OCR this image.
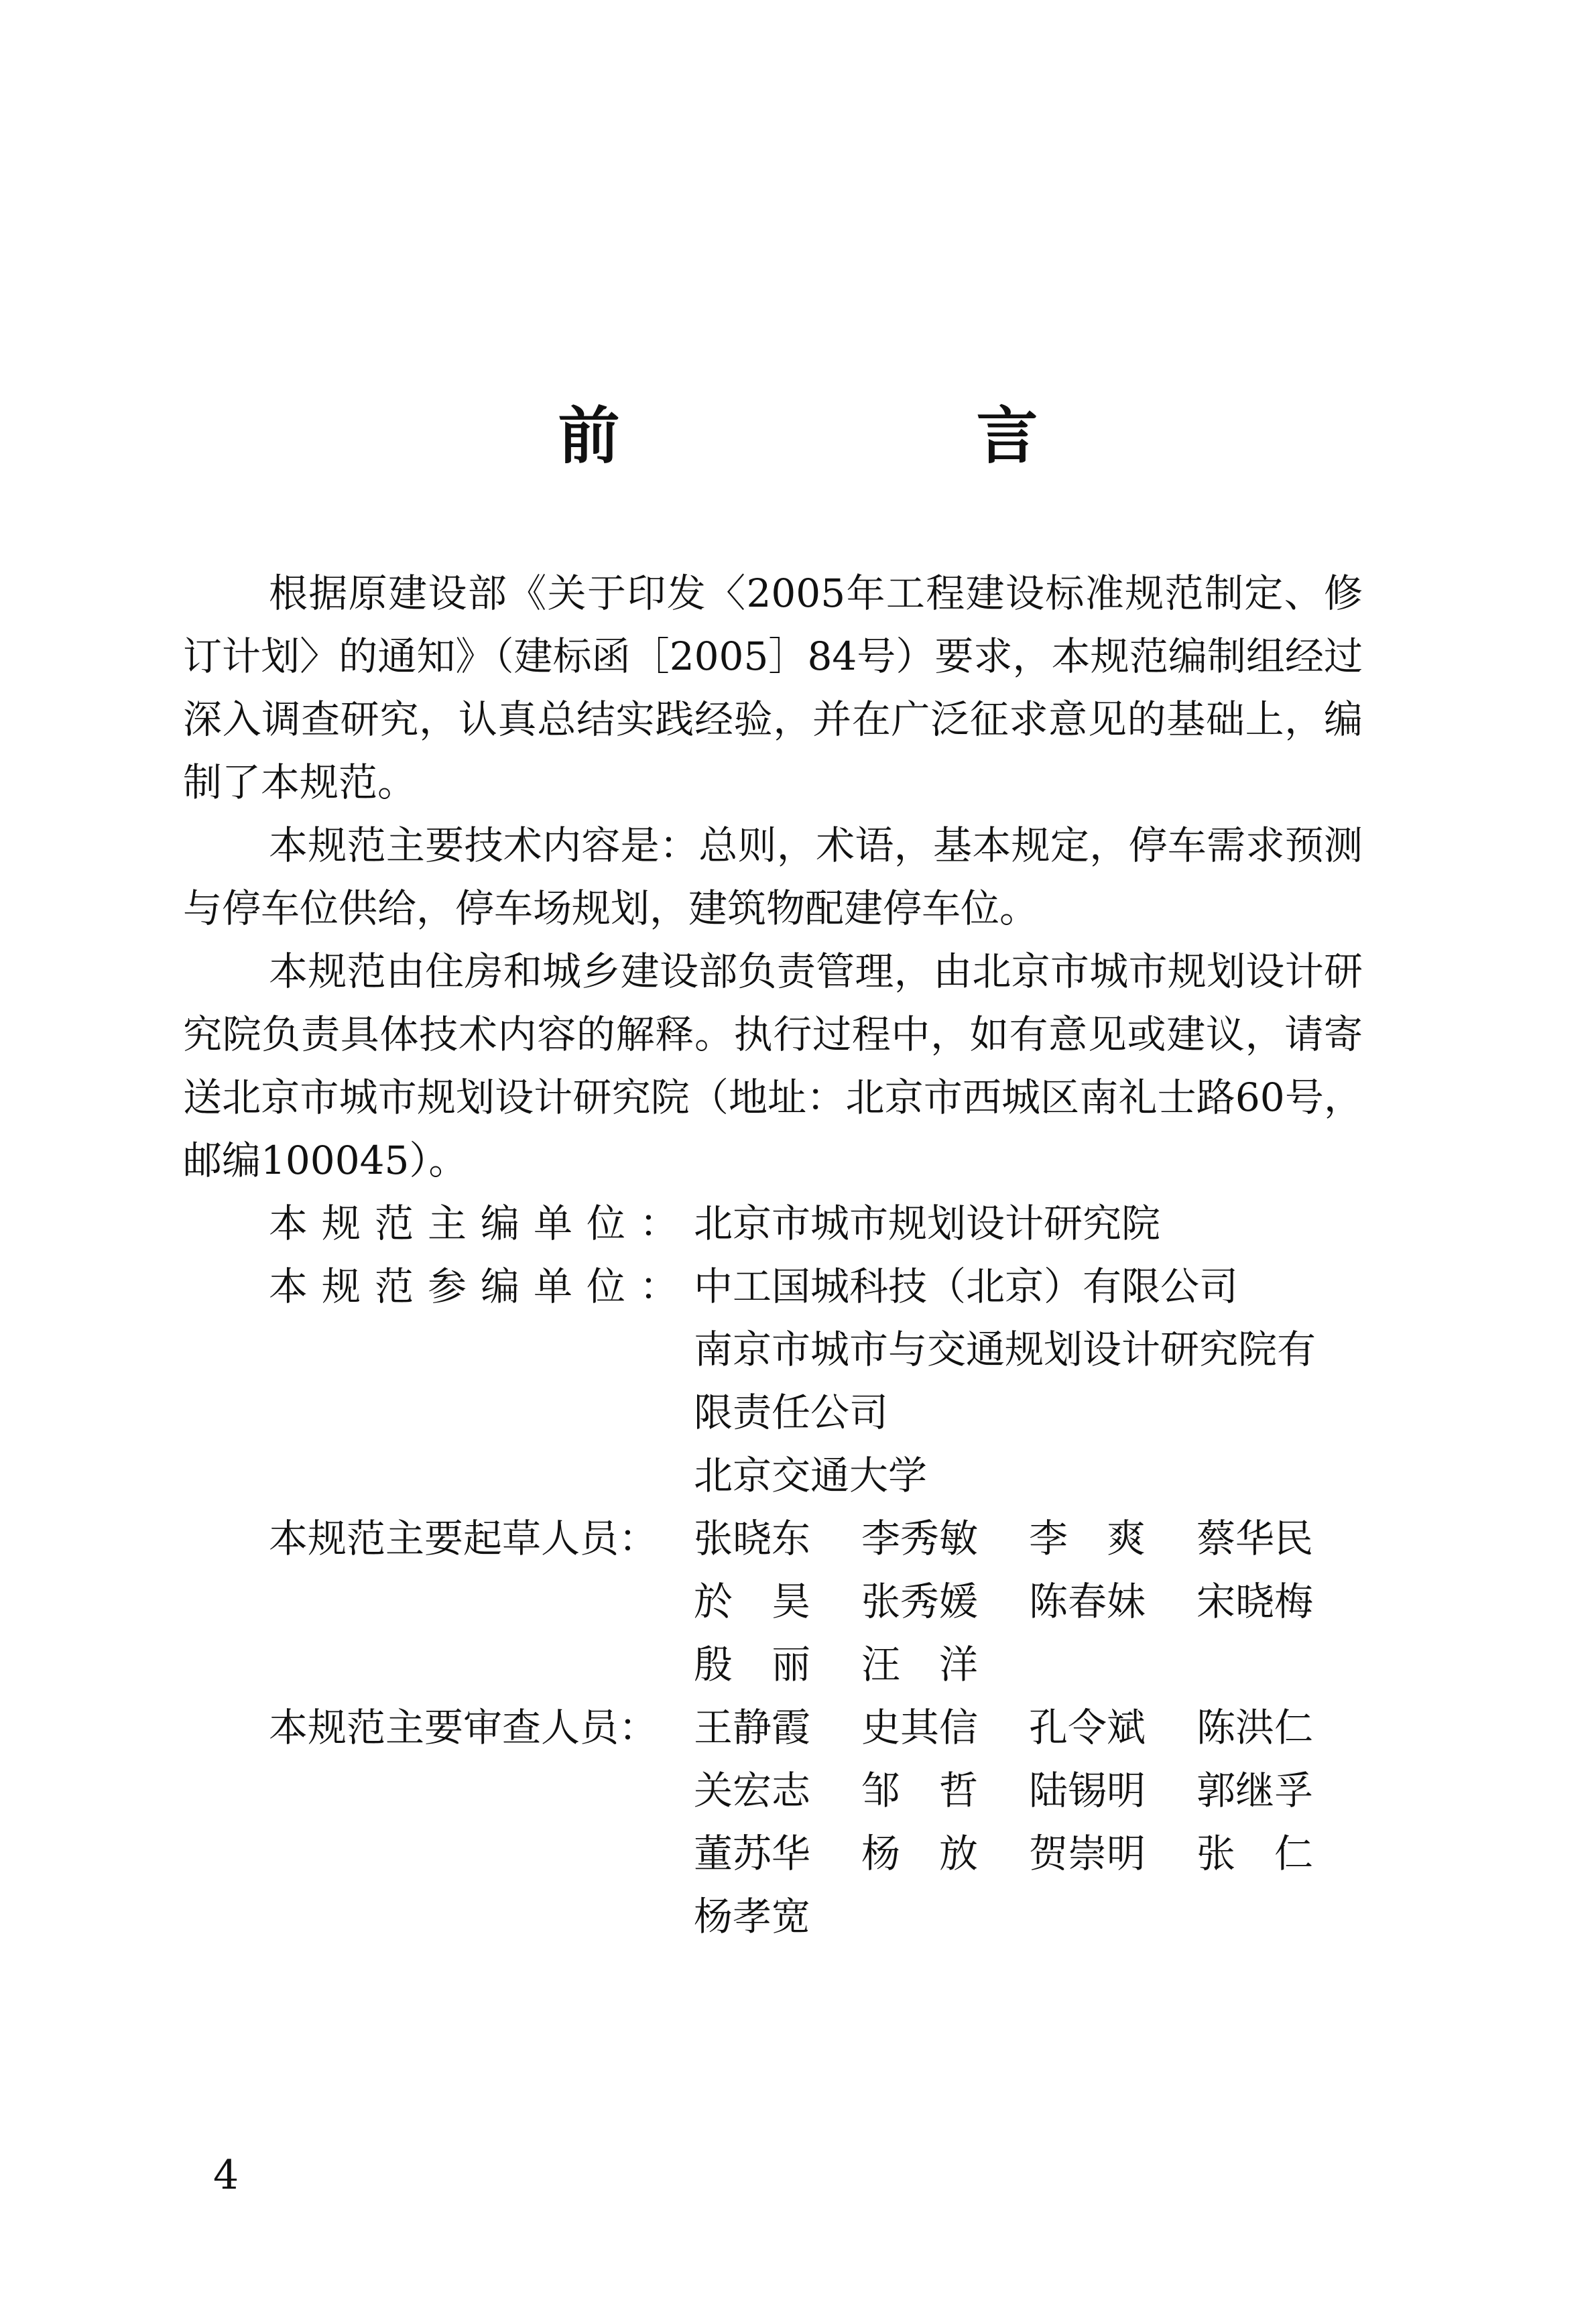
前　言

根据原建设部《关于印发〈2005年工程建设标准规范制定、修订计划〉的通知》（建标函［2005］84号）要求，本规范编制组经过深入调查研究，认真总结实践经验，并在广泛征求意见的基础上，编制了本规范。

本规范主要技术内容是：总则，术语，基本规定，停车需求预测与停车位供给，停车场规划，建筑物配建停车位。

本规范由住房和城乡建设部负责管理，由北京市城市规划设计研究院负责具体技术内容的解释。执行过程中，如有意见或建议，请寄送北京市城市规划设计研究院（地址：北京市西城区南礼士路60号，邮编100045）。

本规范主编单位： 北京市城市规划设计研究院
本规范参编单位： 中工国城科技（北京）有限公司
南京市城市与交通规划设计研究院有
限责任公司
北京交通大学
本规范主要起草人员： 张晓东	李秀敏	李　爽	蔡华民
於　昊	张秀媛	陈春妹	宋晓梅
殷　丽	汪　洋
本规范主要审查人员： 王静霞	史其信	孔令斌	陈洪仁
关宏志	邹　哲	陆锡明	郭继孚
董苏华	杨　放	贺崇明	张　仁
杨孝宽
4
